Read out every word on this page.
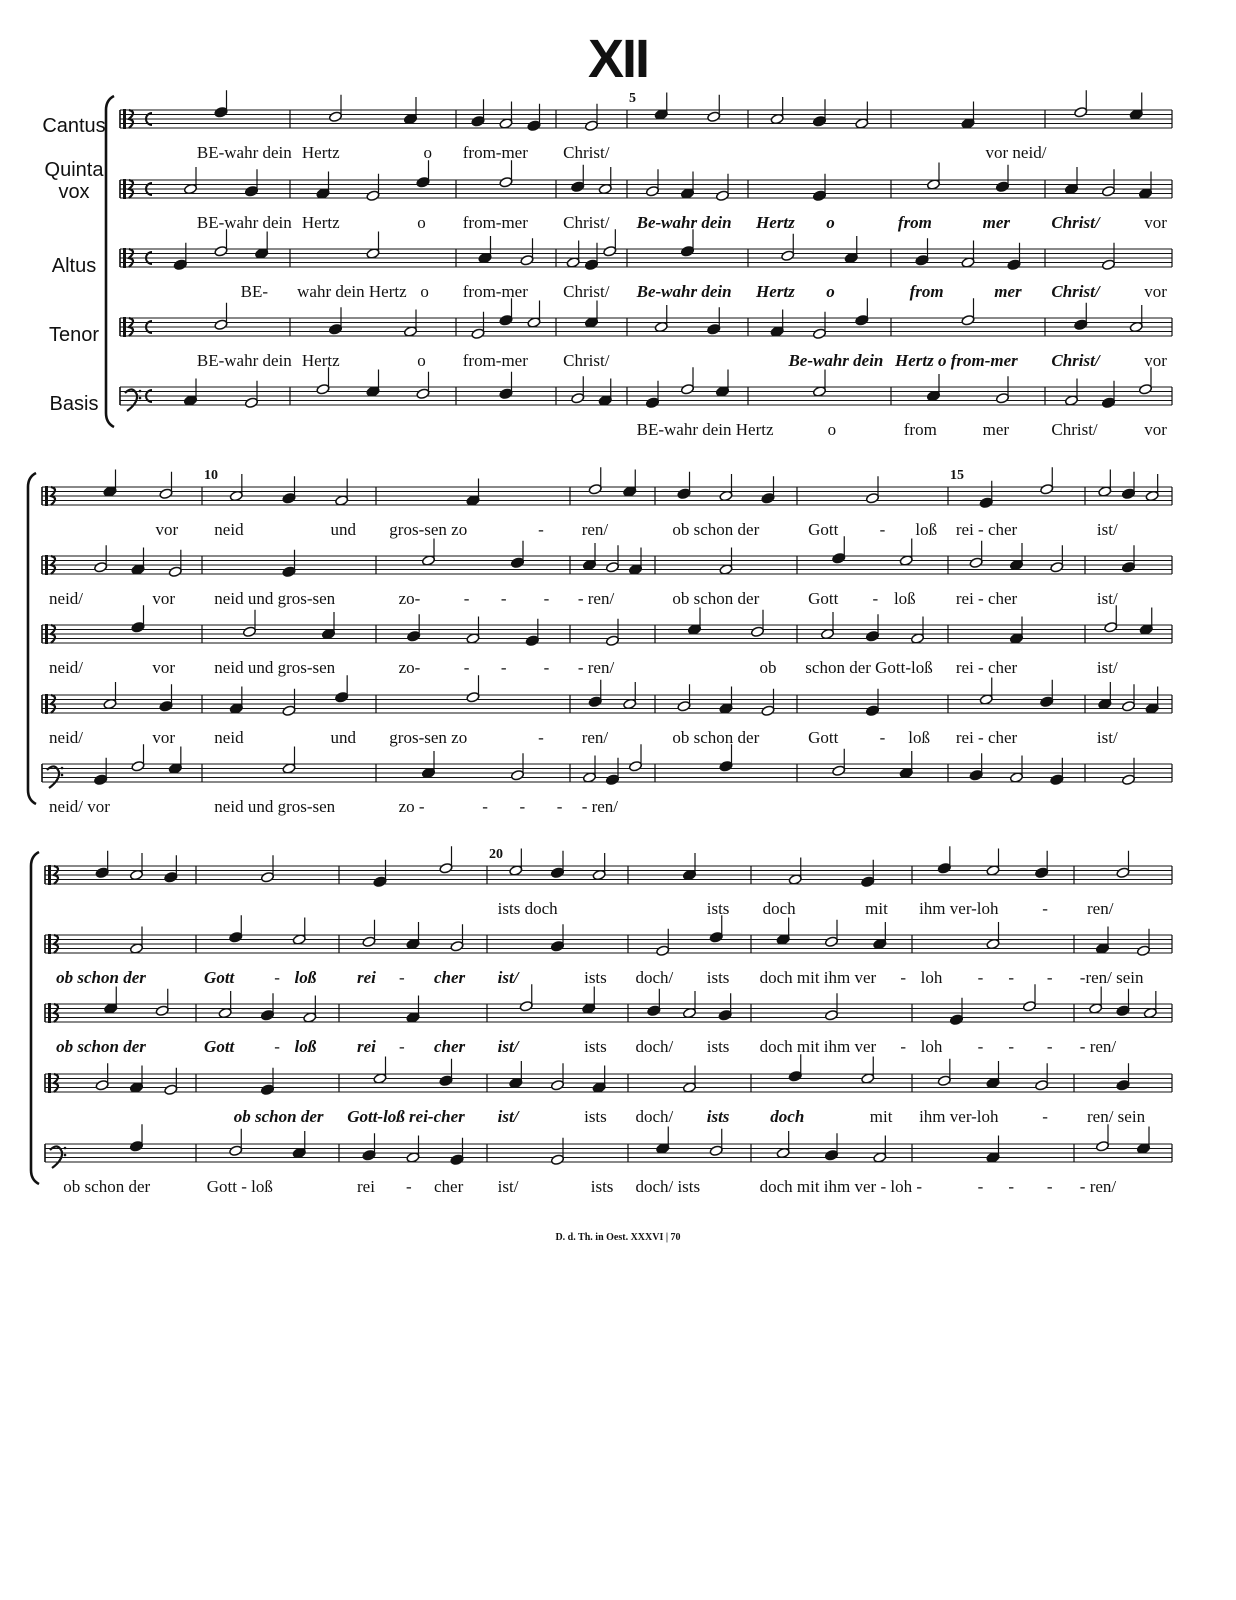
XII
Cantus
Quinta
vox
Altus
Tenor
Basis
5
BE-wahr dein Hertz	o from-mer Christ/	vor neid/
BE-wahr dein Hertz	o from-mer Christ/ Be-wahr dein Hertz o	from	mer Christ/	vor
BE- wahr dein Hertz o from-mer Christ/ Be-wahr dein Hertz o	from	mer Christ/	vor
BE-wahr dein Hertz	o from-mer Christ/	Be-wahr dein Hertz o from-mer Christ/	vor
BE-wahr dein Hertz	o	from	mer Christ/	vor
10	15
vor neid	und gros-sen zo	- ren/	ob schon der	Gott - loß rei - cher	ist/
neid/	vor neid und gros-sen	zo-	- - - - ren/	ob schon der	Gott - loß rei - cher	ist/
neid/	vor neid und gros-sen	zo-	- - - - ren/	ob schon der Gott-loß rei - cher	ist/
neid/	vor neid	und gros-sen zo	- ren/	ob schon der	Gott - loß rei - cher	ist/
neid/ vor	neid und gros-sen	zo -	- - - - ren/
20
ists doch	ists doch	mit ihm ver-loh	- ren/
ob schon der	Gott - loß rei - cher ist/	ists doch/ ists doch mit ihm ver - loh - - - -ren/ sein
ob schon der	Gott - loß rei - cher ist/	ists doch/ ists doch mit ihm ver - loh - - - - ren/
ob schon der Gott-loß rei-cher ist/	ists doch/ ists doch	mit ihm ver-loh	- ren/ sein
ob schon der	Gott - loß	rei - cher ist/	ists doch/ ists	doch mit ihm ver - loh -	- - - - ren/
D. d. Th. in Oest. XXXVI | 70
